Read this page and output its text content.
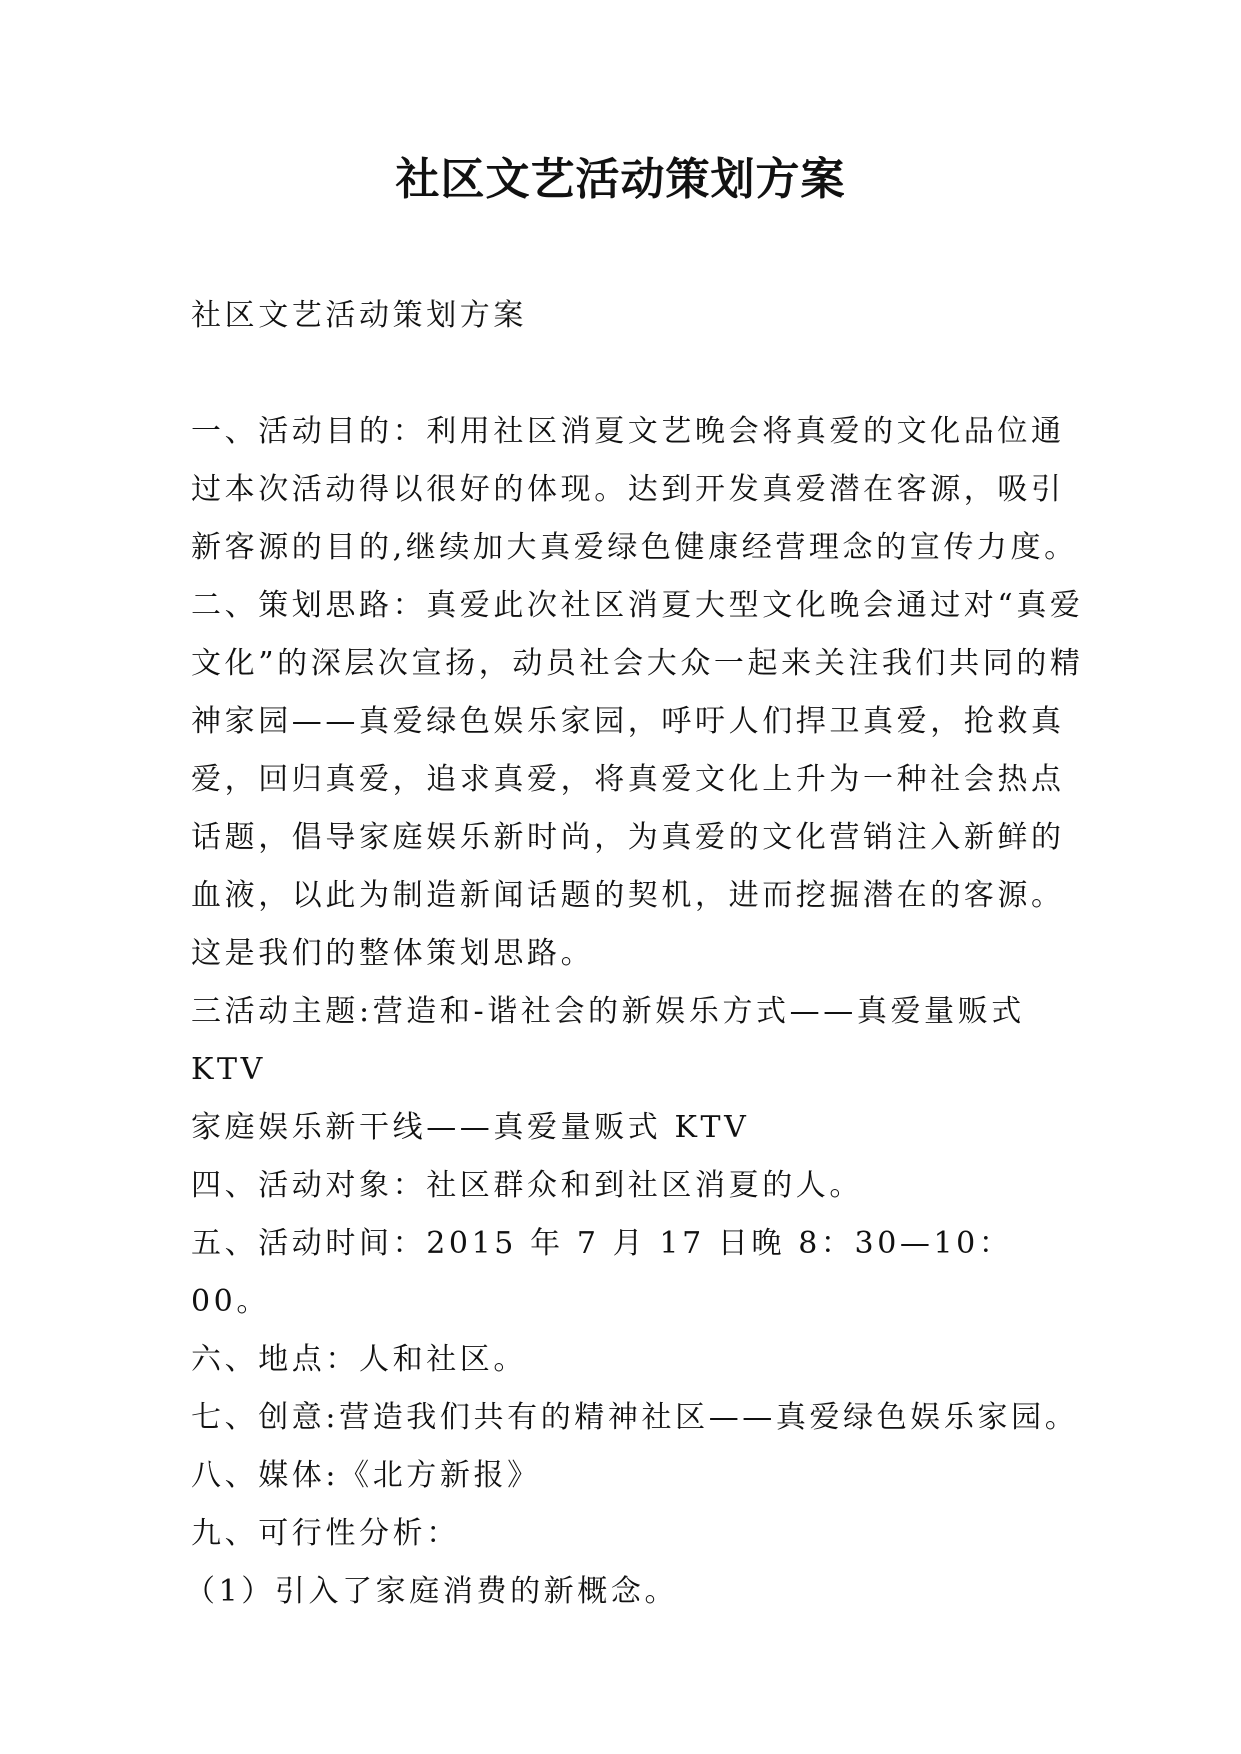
社区文艺活动策划方案

社区文艺活动策划方案

一、活动目的：利用社区消夏文艺晚会将真爱的文化品位通过本次活动得以很好的体现。达到开发真爱潜在客源，吸引新客源的目的,继续加大真爱绿色健康经营理念的宣传力度。

二、策划思路：真爱此次社区消夏大型文化晚会通过对“真爱文化”的深层次宣扬，动员社会大众一起来关注我们共同的精神家园——真爱绿色娱乐家园，呼吁人们捍卫真爱，抢救真爱，回归真爱，追求真爱，将真爱文化上升为一种社会热点话题，倡导家庭娱乐新时尚，为真爱的文化营销注入新鲜的血液，以此为制造新闻话题的契机，进而挖掘潜在的客源。这是我们的整体策划思路。

三活动主题:营造和-谐社会的新娱乐方式——真爱量贩式KTV

家庭娱乐新干线——真爱量贩式 KTV

四、活动对象：社区群众和到社区消夏的人。

五、活动时间：2015 年 7 月 17 日晚 8：30—10：00。

六、地点：人和社区。

七、创意:营造我们共有的精神社区——真爱绿色娱乐家园。

八、媒体:《北方新报》

九、可行性分析：

（1）引入了家庭消费的新概念。
